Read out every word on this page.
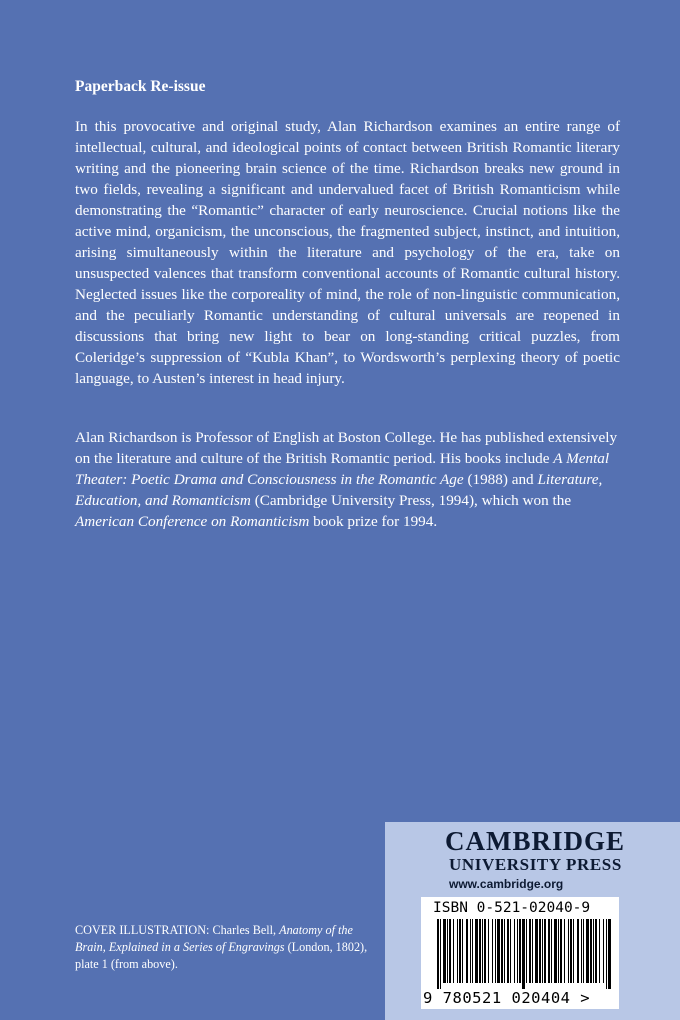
Paperback Re-issue

In this provocative and original study, Alan Richardson examines an entire range of intellectual, cultural, and ideological points of contact between British Romantic literary writing and the pioneering brain science of the time. Richardson breaks new ground in two fields, revealing a significant and undervalued facet of British Romanticism while demonstrating the “Romantic” character of early neuroscience. Crucial notions like the active mind, organicism, the unconscious, the fragmented subject, instinct, and intuition, arising simultaneously within the literature and psychology of the era, take on unsuspected valences that transform conventional accounts of Romantic cultural history. Neglected issues like the corporeality of mind, the role of non-linguistic communication, and the peculiarly Romantic understanding of cultural universals are reopened in discussions that bring new light to bear on long-standing critical puzzles, from Coleridge’s suppression of “Kubla Khan”, to Wordsworth’s perplexing theory of poetic language, to Austen’s interest in head injury.

Alan Richardson is Professor of English at Boston College. He has published extensively on the literature and culture of the British Romantic period. His books include A Mental Theater: Poetic Drama and Consciousness in the Romantic Age (1988) and Literature, Education, and Romanticism (Cambridge University Press, 1994), which won the American Conference on Romanticism book prize for 1994.

COVER ILLUSTRATION: Charles Bell, Anatomy of the Brain, Explained in a Series of Engravings (London, 1802), plate 1 (from above).

CAMBRIDGE
UNIVERSITY PRESS
www.cambridge.org
ISBN 0-521-02040-9
9 780521 020404 >
